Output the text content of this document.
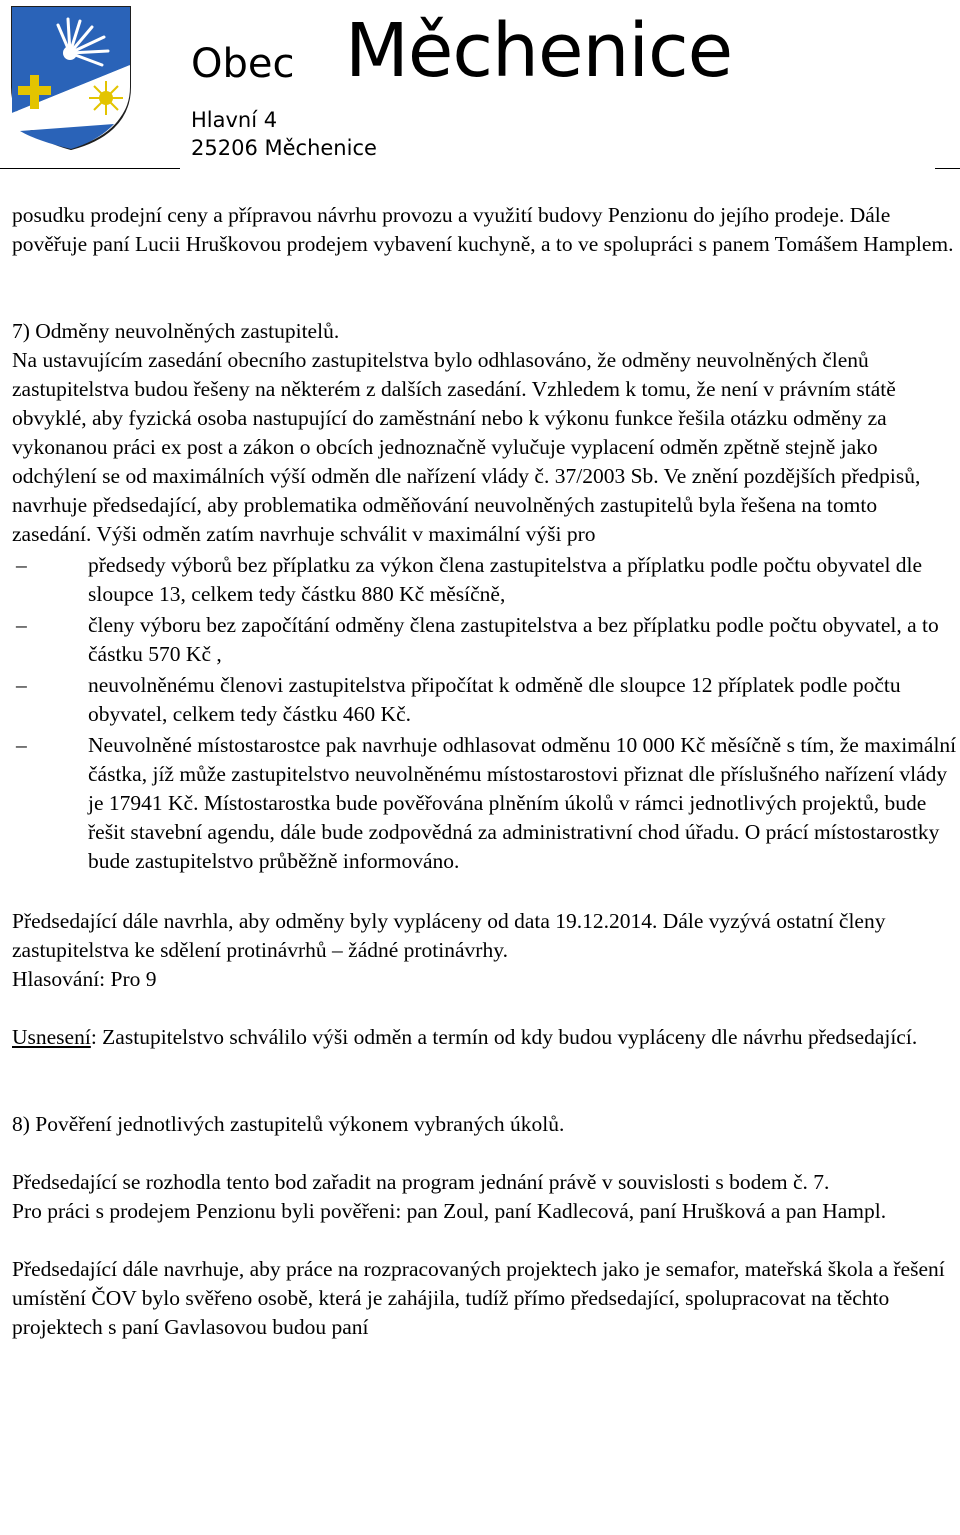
Obec Měchenice
Hlavní 4
25206 Měchenice

posudku prodejní ceny a přípravou návrhu provozu a využití budovy Penzionu do jejího prodeje. Dále pověřuje paní Lucii Hruškovou prodejem vybavení kuchyně, a to ve spolupráci s panem Tomášem Hamplem.

7) Odměny neuvolněných zastupitelů.

Na ustavujícím zasedání obecního zastupitelstva bylo odhlasováno, že odměny neuvolněných členů zastupitelstva budou řešeny na některém z dalších zasedání. Vzhledem k tomu, že není v právním státě obvyklé, aby fyzická osoba nastupující do zaměstnání nebo k výkonu funkce řešila otázku odměny za vykonanou práci ex post a zákon o obcích jednoznačně vylučuje vyplacení odměn zpětně stejně jako odchýlení se od maximálních výší odměn dle nařízení vlády č. 37/2003 Sb. Ve znění pozdějších předpisů, navrhuje předsedající, aby problematika odměňování neuvolněných zastupitelů byla řešena na tomto zasedání. Výši odměn zatím navrhuje schválit v maximální výši pro

–	předsedy výborů bez příplatku za výkon člena zastupitelstva a příplatku podle počtu obyvatel dle sloupce 13, celkem tedy částku 880 Kč měsíčně,
–	členy výboru bez započítání odměny člena zastupitelstva a bez příplatku podle počtu obyvatel, a to částku 570 Kč ,
–	neuvolněnému členovi zastupitelstva připočítat k odměně dle sloupce 12 příplatek podle počtu obyvatel, celkem tedy částku 460 Kč.
–	Neuvolněné místostarostce pak navrhuje odhlasovat odměnu 10 000 Kč měsíčně s tím, že maximální částka, jíž může zastupitelstvo neuvolněnému místostarostovi přiznat dle příslušného nařízení vlády je 17941 Kč. Místostarostka bude pověřována plněním úkolů v rámci jednotlivých projektů, bude řešit stavební agendu, dále bude zodpovědná za administrativní chod úřadu. O prácí místostarostky bude zastupitelstvo průběžně informováno.

Předsedající dále navrhla, aby odměny byly vypláceny od data 19.12.2014. Dále vyzývá ostatní členy zastupitelstva ke sdělení protinávrhů – žádné protinávrhy.

Hlasování: Pro 9

Usnesení: Zastupitelstvo schválilo výši odměn a termín od kdy budou vypláceny dle návrhu předsedající.

8) Pověření jednotlivých zastupitelů výkonem vybraných úkolů.

Předsedající se rozhodla tento bod zařadit na program jednání právě v souvislosti s bodem č. 7.

Pro práci s prodejem Penzionu byli pověřeni: pan Zoul, paní Kadlecová, paní Hrušková a pan Hampl.

Předsedající dále navrhuje, aby práce na rozpracovaných projektech jako je semafor, mateřská škola a řešení umístění ČOV bylo svěřeno osobě, která je zahájila, tudíž přímo předsedající, spolupracovat na těchto projektech s paní Gavlasovou budou paní
